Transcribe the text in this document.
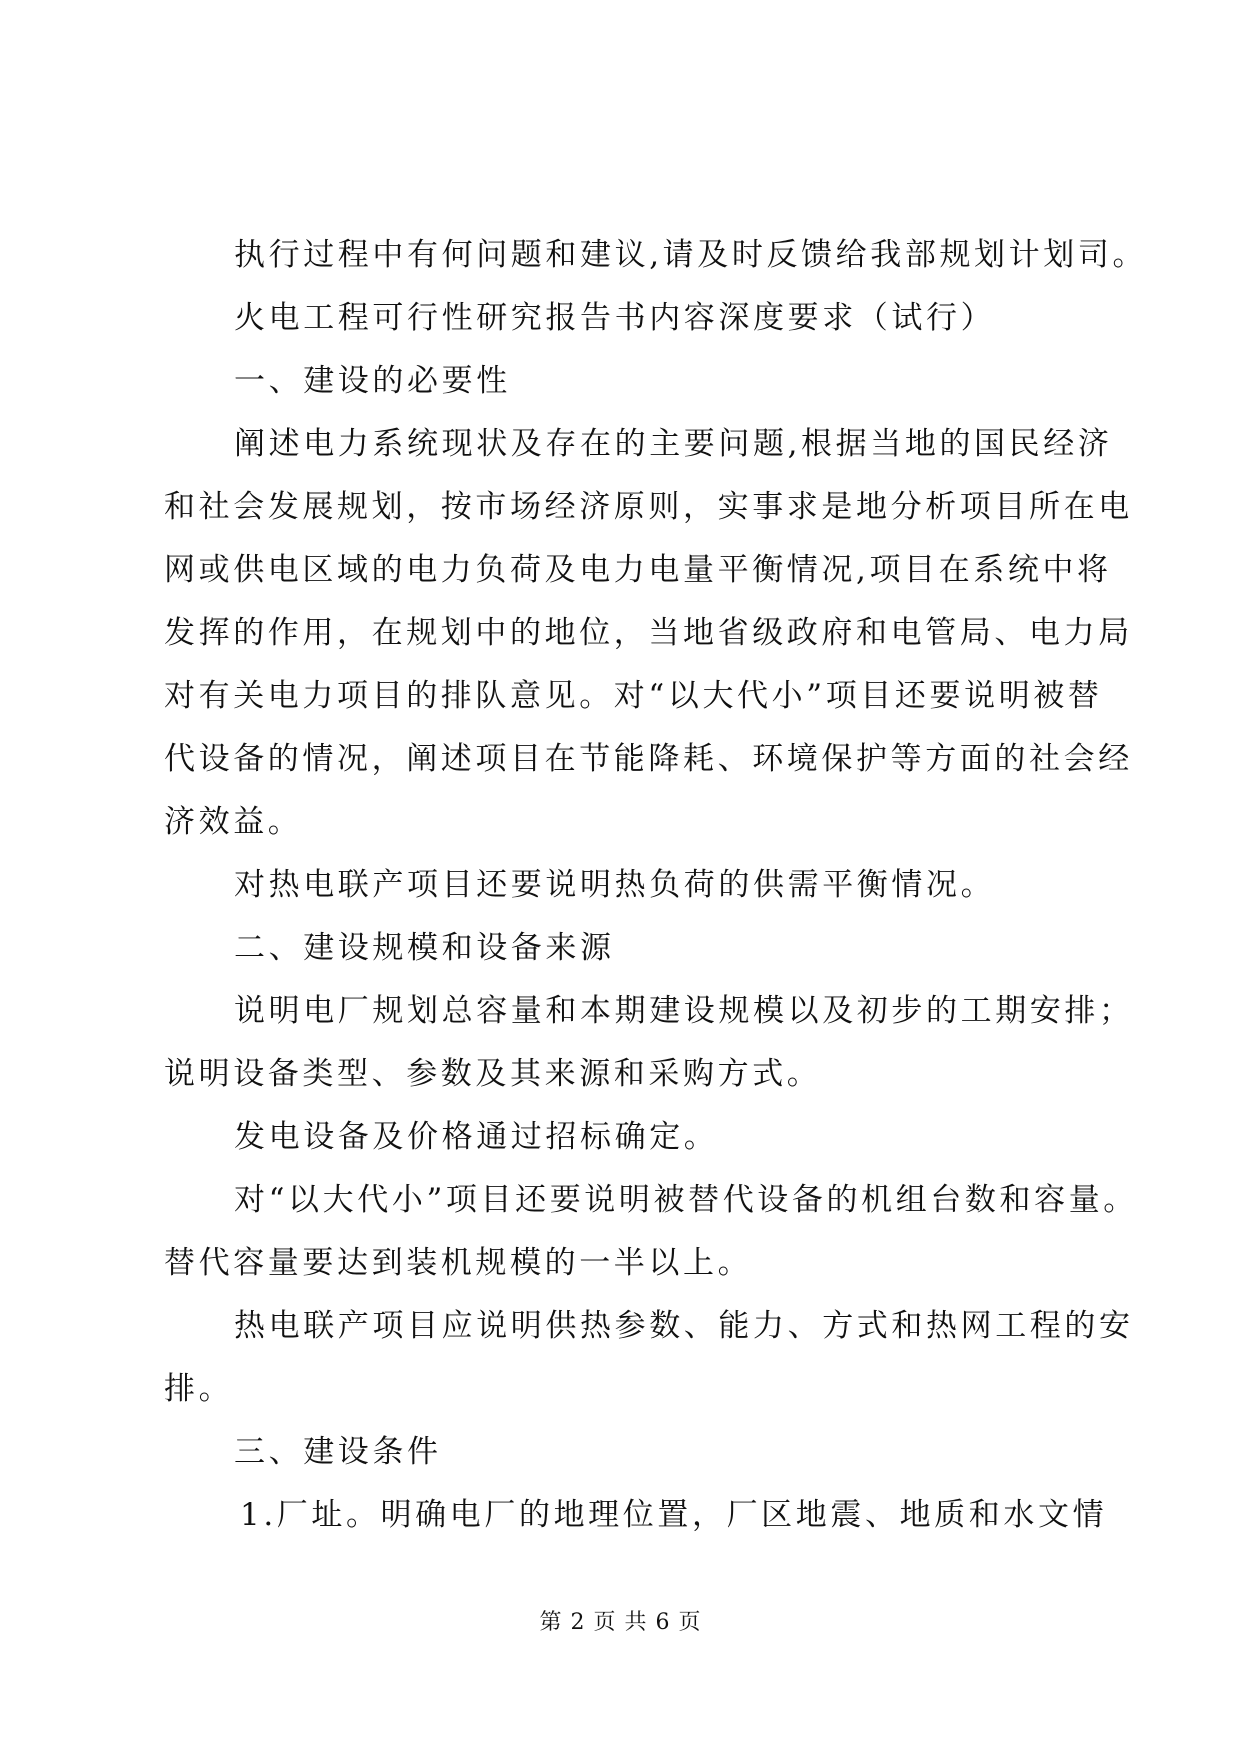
执行过程中有何问题和建议,请及时反馈给我部规划计划司。
火电工程可行性研究报告书内容深度要求（试行）
一、建设的必要性
阐述电力系统现状及存在的主要问题,根据当地的国民经济
和社会发展规划，按市场经济原则，实事求是地分析项目所在电
网或供电区域的电力负荷及电力电量平衡情况,项目在系统中将
发挥的作用，在规划中的地位，当地省级政府和电管局、电力局
对有关电力项目的排队意见。对“以大代小”项目还要说明被替
代设备的情况，阐述项目在节能降耗、环境保护等方面的社会经
济效益。
对热电联产项目还要说明热负荷的供需平衡情况。
二、建设规模和设备来源
说明电厂规划总容量和本期建设规模以及初步的工期安排；
说明设备类型、参数及其来源和采购方式。
发电设备及价格通过招标确定。
对“以大代小”项目还要说明被替代设备的机组台数和容量。
替代容量要达到装机规模的一半以上。
热电联产项目应说明供热参数、能力、方式和热网工程的安
排。
三、建设条件
1.厂址。明确电厂的地理位置，厂区地震、地质和水文情
第 2 页 共 6 页
